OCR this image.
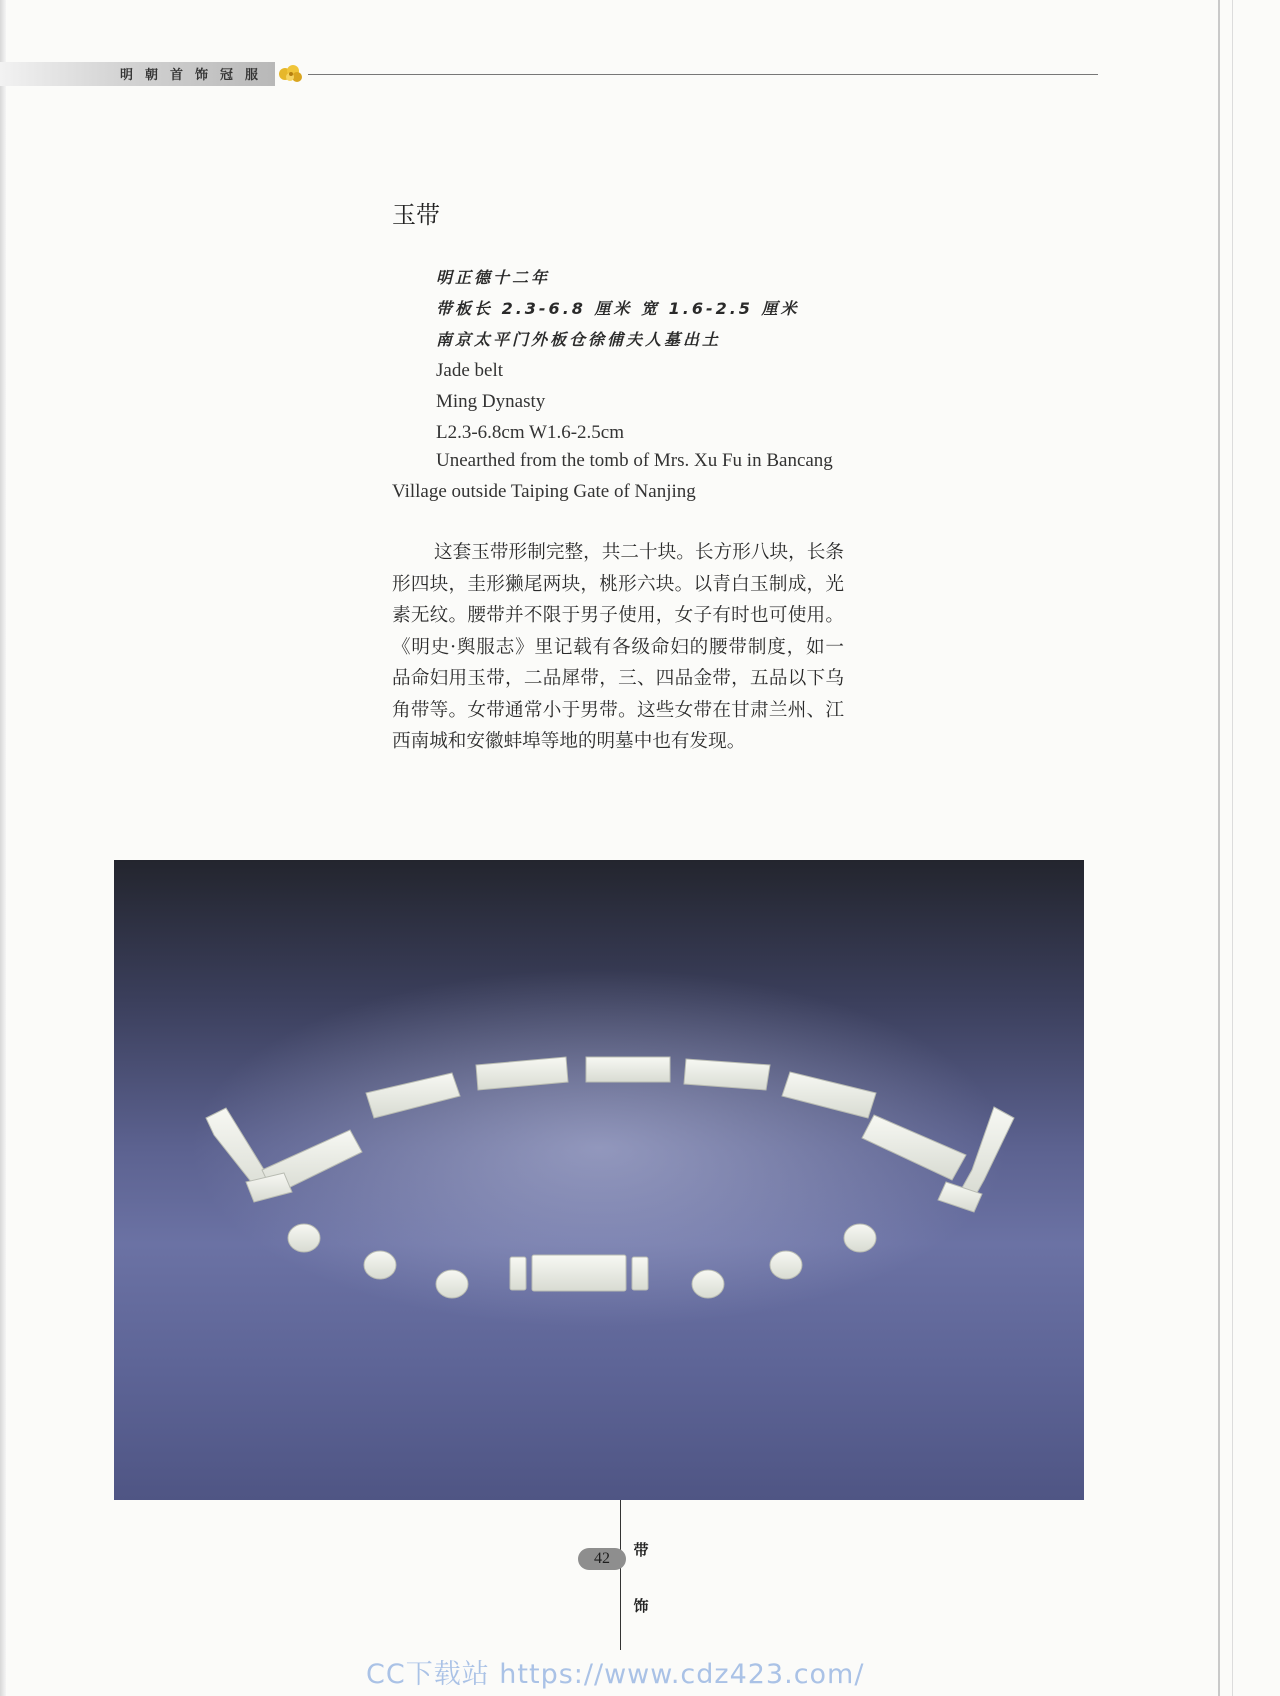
明朝首饰冠服
玉带
明正德十二年
带板长 2.3-6.8 厘米 宽 1.6-2.5 厘米
南京太平门外板仓徐俌夫人墓出土
Jade belt
Ming Dynasty
L2.3-6.8cm W1.6-2.5cm
Unearthed from the tomb of Mrs. Xu Fu in Bancang Village outside Taiping Gate of Nanjing
这套玉带形制完整，共二十块。长方形八块，长条形四块，圭形獭尾两块，桃形六块。以青白玉制成，光素无纹。腰带并不限于男子使用，女子有时也可使用。《明史·舆服志》里记载有各级命妇的腰带制度，如一品命妇用玉带，二品犀带，三、四品金带，五品以下乌角带等。女带通常小于男带。这些女带在甘肃兰州、江西南城和安徽蚌埠等地的明墓中也有发现。
42	带
饰
CC下载站 https://www.cdz423.com/
